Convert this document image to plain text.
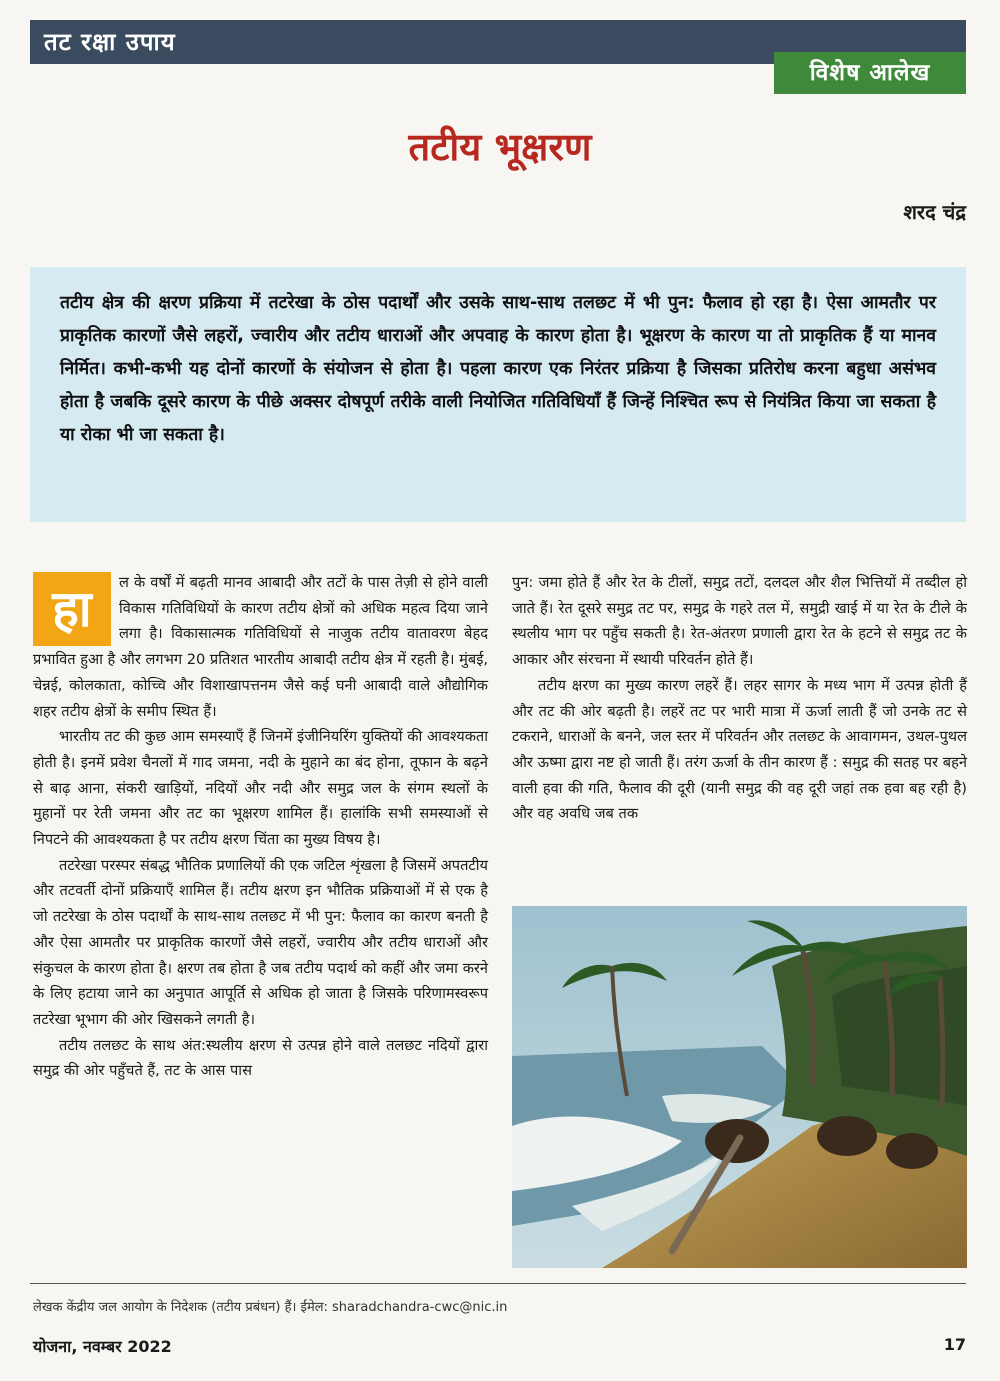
तट रक्षा उपाय
विशेष आलेख
तटीय भूक्षरण
शरद चंद्र

तटीय क्षेत्र की क्षरण प्रक्रिया में तटरेखा के ठोस पदार्थों और उसके साथ-साथ तलछट में भी पुन: फैलाव हो रहा है। ऐसा आमतौर पर प्राकृतिक कारणों जैसे लहरों, ज्वारीय और तटीय धाराओं और अपवाह के कारण होता है। भूक्षरण के कारण या तो प्राकृतिक हैं या मानव निर्मित। कभी-कभी यह दोनों कारणों के संयोजन से होता है। पहला कारण एक निरंतर प्रक्रिया है जिसका प्रतिरोध करना बहुधा असंभव होता है जबकि दूसरे कारण के पीछे अक्सर दोषपूर्ण तरीके वाली नियोजित गतिविधियाँ हैं जिन्हें निश्चित रूप से नियंत्रित किया जा सकता है या रोका भी जा सकता है।

हा	ल के वर्षों में बढ़ती मानव आबादी और तटों के पास तेज़ी से होने वाली विकास गतिविधियों के कारण तटीय क्षेत्रों को अधिक महत्व दिया जाने लगा है। विकासात्मक गतिविधियों से नाजुक तटीय वातावरण बेहद प्रभावित हुआ है और लगभग 20 प्रतिशत भारतीय आबादी तटीय क्षेत्र में रहती है। मुंबई, चेन्नई, कोलकाता, कोच्चि और विशाखापत्तनम जैसे कई घनी आबादी वाले औद्योगिक शहर तटीय क्षेत्रों के समीप स्थित हैं।

भारतीय तट की कुछ आम समस्याएँ हैं जिनमें इंजीनियरिंग युक्तियों की आवश्यकता होती है। इनमें प्रवेश चैनलों में गाद जमना, नदी के मुहाने का बंद होना, तूफान के बढ़ने से बाढ़ आना, संकरी खाड़ियों, नदियों और नदी और समुद्र जल के संगम स्थलों के मुहानों पर रेती जमना और तट का भूक्षरण शामिल हैं। हालांकि सभी समस्याओं से निपटने की आवश्यकता है पर तटीय क्षरण चिंता का मुख्य विषय है।

तटरेखा परस्पर संबद्ध भौतिक प्रणालियों की एक जटिल शृंखला है जिसमें अपतटीय और तटवर्ती दोनों प्रक्रियाएँ शामिल हैं। तटीय क्षरण इन भौतिक प्रक्रियाओं में से एक है जो तटरेखा के ठोस पदार्थों के साथ-साथ तलछट में भी पुन: फैलाव का कारण बनती है और ऐसा आमतौर पर प्राकृतिक कारणों जैसे लहरों, ज्वारीय और तटीय धाराओं और संकुचल के कारण होता है। क्षरण तब होता है जब तटीय पदार्थ को कहीं और जमा करने के लिए हटाया जाने का अनुपात आपूर्ति से अधिक हो जाता है जिसके परिणामस्वरूप तटरेखा भूभाग की ओर खिसकने लगती है।

तटीय तलछट के साथ अंत:स्थलीय क्षरण से उत्पन्न होने वाले तलछट नदियों द्वारा समुद्र की ओर पहुँचते हैं, तट के आस पास

पुन: जमा होते हैं और रेत के टीलों, समुद्र तटों, दलदल और शैल भित्तियों में तब्दील हो जाते हैं। रेत दूसरे समुद्र तट पर, समुद्र के गहरे तल में, समुद्री खाई में या रेत के टीले के स्थलीय भाग पर पहुँच सकती है। रेत-अंतरण प्रणाली द्वारा रेत के हटने से समुद्र तट के आकार और संरचना में स्थायी परिवर्तन होते हैं।

तटीय क्षरण का मुख्य कारण लहरें हैं। लहर सागर के मध्य भाग में उत्पन्न होती हैं और तट की ओर बढ़ती है। लहरें तट पर भारी मात्रा में ऊर्जा लाती हैं जो उनके तट से टकराने, धाराओं के बनने, जल स्तर में परिवर्तन और तलछट के आवागमन, उथल-पुथल और ऊष्मा द्वारा नष्ट हो जाती हैं। तरंग ऊर्जा के तीन कारण हैं : समुद्र की सतह पर बहने वाली हवा की गति, फैलाव की दूरी (यानी समुद्र की वह दूरी जहां तक हवा बह रही है) और वह अवधि जब तक

लेखक केंद्रीय जल आयोग के निदेशक (तटीय प्रबंधन) हैं। ईमेल: sharadchandra-cwc@nic.in
योजना, नवम्बर 2022	17
